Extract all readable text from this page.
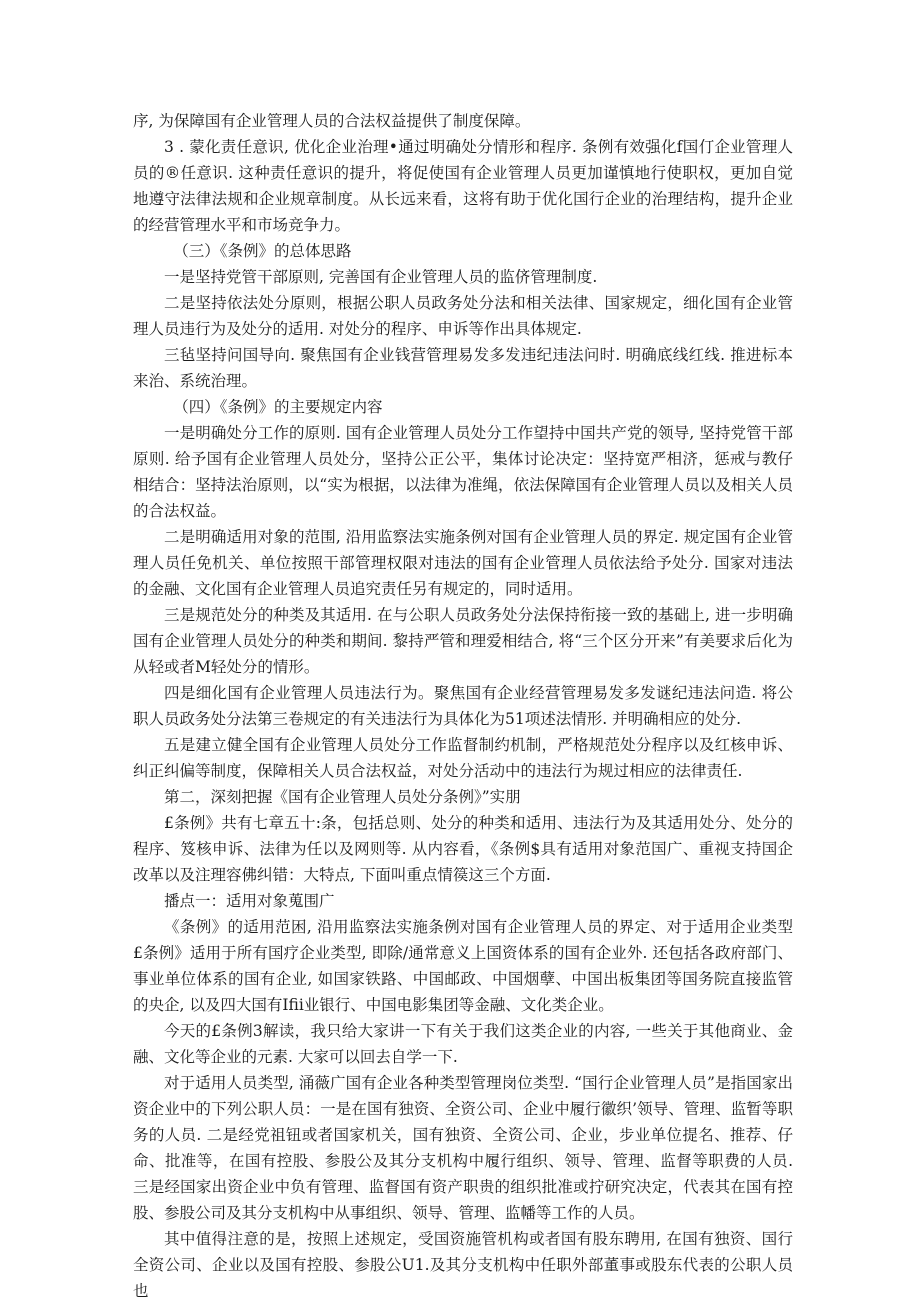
序, 为保障国有企业管理人员的合法权益提供了制度保障。

3 . 蒙化责任意识, 优化企业治理•通过明确处分情形和程序. 条例有效强化f国仃企业管理人员的®任意识. 这种责任意识的提升，将促使国有企业管理人员更加谨慎地行使职权，更加自觉地遵守法律法规和企业规章制度。从长远来看，这将有助于优化国行企业的治理结构，提升企业的经营管理水平和市场竞争力。

（三）《条例》的总体思路

一是坚持党管干部原则, 完善国有企业管理人员的监侪管理制度.

二是坚持依法处分原则，根据公职人员政务处分法和相关法律、国家规定，细化国有企业管理人员违行为及处分的适用. 对处分的程序、申诉等作出具体规定.

三毡坚持问国导向. 聚焦国有企业钱营管理易发多发违纪违法问时. 明确底线红线. 推进标本来治、系统治理。

（四）《条例》的主要规定内容

一是明确处分工作的原则. 国有企业管理人员处分工作望持中国共产党的领导, 坚持党管干部原则. 给予国有企业管理人员处分，坚持公正公平，集体讨论决定：坚持宽严相济，惩戒与教仔相结合：坚持法治原则，以“实为根据，以法律为准绳，依法保障国有企业管理人员以及相关人员的合法权益。

二是明确适用对象的范围, 沿用监察法实施条例对国有企业管理人员的界定. 规定国有企业管理人员任免机关、单位按照干部管理权限对违法的国有企业管理人员依法给予处分. 国家对违法的金融、文化国有企业管理人员追究责任另有规定的，同时适用。

三是规范处分的种类及其适用. 在与公职人员政务处分法保持衔接一致的基础上, 进一步明确国有企业管理人员处分的种类和期间. 黎持严管和理爱相结合, 将“三个区分开来”有美要求后化为从轻或者M轻处分的情形。

四是细化国有企业管理人员违法行为。聚焦国有企业经营管理易发多发谜纪违法问造. 将公职人员政务处分法第三卷规定的有关违法行为具体化为51项述法情形. 并明确相应的处分.

五是建立健全国有企业管理人员处分工作监督制约机制，严格规范处分程序以及红核申诉、纠正纠偏等制度，保障相关人员合法权益，对处分活动中的违法行为规过相应的法律责任.

第二，深刻把握《国有企业管理人员处分条例》”实朋

£条例》共有七章五十:条，包括总则、处分的种类和适用、违法行为及其适用处分、处分的程序、笈核申诉、法律为任以及网则等. 从内容看，《条例$具有适用对象范国广、重视支持国企改革以及注理容佛纠错：大特点, 下面叫重点情篌这三个方面.

播点一：适用对象蒐围广

《条例》的适用范困, 沿用监察法实施条例对国有企业管理人员的界定、对于适用企业类型£条例》适用于所有国疗企业类型, 即除/通常意义上国资体系的国有企业外. 还包括各政府部门、事业单位体系的国有企业, 如国家铁路、中国邮政、中国烟孽、中国出板集团等国务院直接监管的央企, 以及四大国有Ifii业银行、中国电影集团等金融、文化类企业。

今天的£条例3解读，我只给大家讲一下有关于我们这类企业的内容, 一些关于其他商业、金融、文化等企业的元素. 大家可以回去自学一下.

对于适用人员类型, 涌薇广国有企业各种类型管理岗位类型. “国行企业管理人员”是指国家出资企业中的下列公职人员：一是在国有独资、全资公司、企业中履行徽织’领导、管理、监暂等职务的人员. 二是经党祖钮或者国家机关，国有独资、全资公司、企业，步业单位提名、推荐、仔命、批准等，在国有控股、参股公及其分支机构中履行组织、领导、管理、监督等职费的人员. 三是经国家出资企业中负有管理、监督国有资产职贵的组织批准或拧研究决定，代表其在国有控股、参股公司及其分支机构中从事组织、领导、管理、监幡等工作的人员。

其中值得注意的是，按照上述规定，受国资施管机构或者国有股东聘用, 在国有独资、国行全资公司、企业以及国有控股、参股公U1.及其分支机构中任职外部董事或股东代表的公职人员也
